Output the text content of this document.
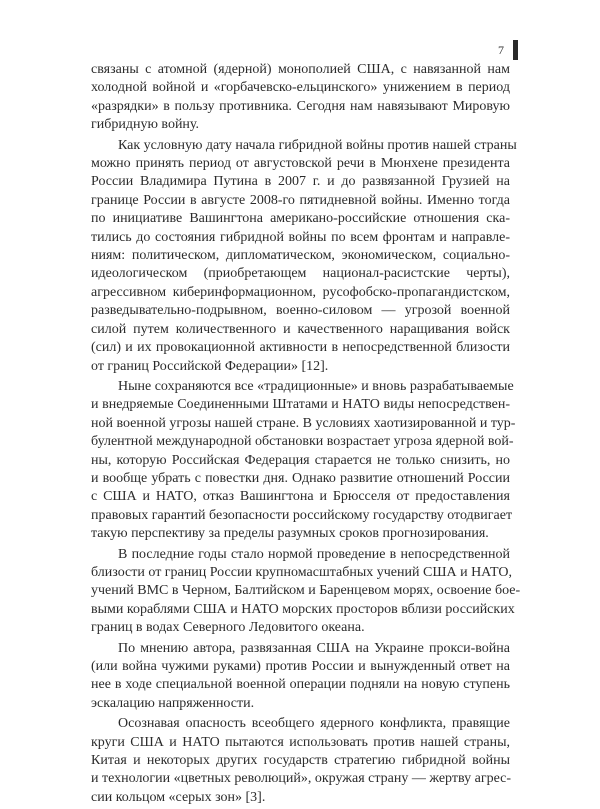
7

связаны с атомной (ядерной) монополией США, с навязанной нам
холодной войной и «горбачевско-ельцинского» унижением в период
«разрядки» в пользу противника. Сегодня нам навязывают Мировую
гибридную войну.

Как условную дату начала гибридной войны против нашей страны
можно принять период от августовской речи в Мюнхене президента
России Владимира Путина в 2007 г. и до развязанной Грузией на
границе России в августе 2008-го пятидневной войны. Именно тогда
по инициативе Вашингтона американо-российские отношения ска-
тились до состояния гибридной войны по всем фронтам и направле-
ниям: политическом, дипломатическом, экономическом, социально-
идеологическом (приобретающем национал-расистские черты),
агрессивном киберинформационном, русофобско-пропагандистском,
разведывательно-подрывном, военно-силовом — угрозой военной
силой путем количественного и качественного наращивания войск
(сил) и их провокационной активности в непосредственной близости
от границ Российской Федерации» [12].

Ныне сохраняются все «традиционные» и вновь разрабатываемые
и внедряемые Соединенными Штатами и НАТО виды непосредствен-
ной военной угрозы нашей стране. В условиях хаотизированной и тур-
булентной международной обстановки возрастает угроза ядерной вой-
ны, которую Российская Федерация старается не только снизить, но
и вообще убрать с повестки дня. Однако развитие отношений России
с США и НАТО, отказ Вашингтона и Брюсселя от предоставления
правовых гарантий безопасности российскому государству отодвигает
такую перспективу за пределы разумных сроков прогнозирования.

В последние годы стало нормой проведение в непосредственной
близости от границ России крупномасштабных учений США и НАТО,
учений ВМС в Черном, Балтийском и Баренцевом морях, освоение бое-
выми кораблями США и НАТО морских просторов вблизи российских
границ в водах Северного Ледовитого океана.

По мнению автора, развязанная США на Украине прокси-война
(или война чужими руками) против России и вынужденный ответ на
нее в ходе специальной военной операции подняли на новую ступень
эскалацию напряженности.

Осознавая опасность всеобщего ядерного конфликта, правящие
круги США и НАТО пытаются использовать против нашей страны,
Китая и некоторых других государств стратегию гибридной войны
и технологии «цветных революций», окружая страну — жертву агрес-
сии кольцом «серых зон» [3].
